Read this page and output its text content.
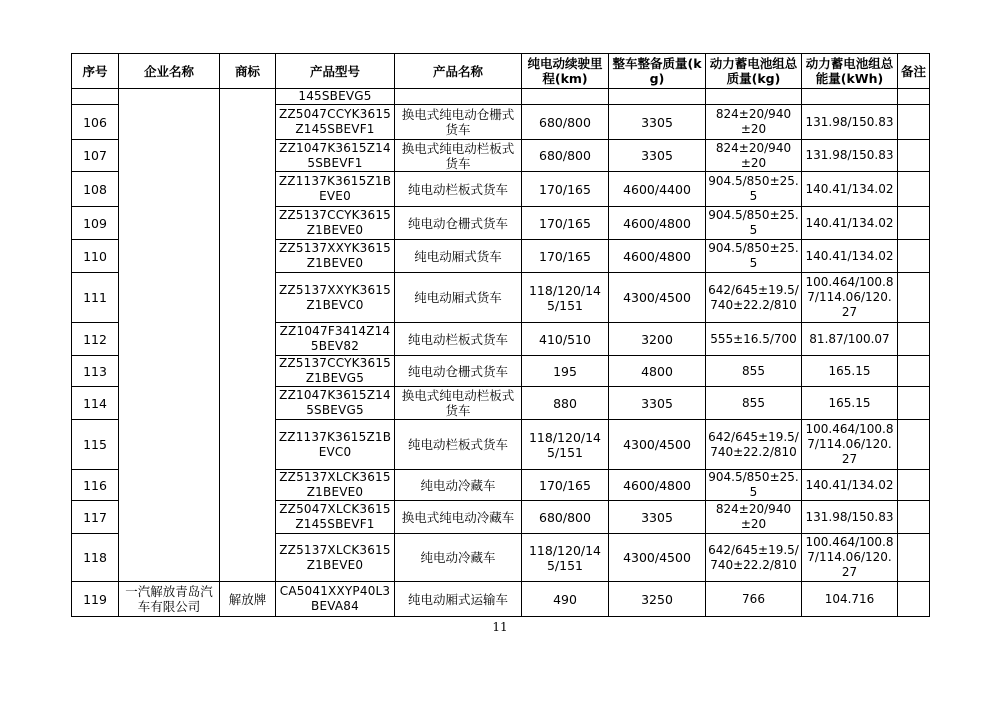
序号	企业名称	商标	产品型号	产品名称	纯电动续驶里程(km)	整车整备质量(kg)	动力蓄电池组总质量(kg)	动力蓄电池组总能量(kWh)	备注
			145SBEVG5						
106			ZZ5047CCYK3615Z145SBEVF1	换电式纯电动仓栅式货车	680/800	3305	824±20/940±20	131.98/150.83	
107			ZZ1047K3615Z145SBEVF1	换电式纯电动栏板式货车	680/800	3305	824±20/940±20	131.98/150.83	
108			ZZ1137K3615Z1BEVE0	纯电动栏板式货车	170/165	4600/4400	904.5/850±25.5	140.41/134.02	
109			ZZ5137CCYK3615Z1BEVE0	纯电动仓栅式货车	170/165	4600/4800	904.5/850±25.5	140.41/134.02	
110			ZZ5137XXYK3615Z1BEVE0	纯电动厢式货车	170/165	4600/4800	904.5/850±25.5	140.41/134.02	
111			ZZ5137XXYK3615Z1BEVC0	纯电动厢式货车	118/120/145/151	4300/4500	642/645±19.5/740±22.2/810	100.464/100.87/114.06/120.27	
112			ZZ1047F3414Z145BEV82	纯电动栏板式货车	410/510	3200	555±16.5/700	81.87/100.07	
113			ZZ5137CCYK3615Z1BEVG5	纯电动仓栅式货车	195	4800	855	165.15	
114			ZZ1047K3615Z145SBEVG5	换电式纯电动栏板式货车	880	3305	855	165.15	
115			ZZ1137K3615Z1BEVC0	纯电动栏板式货车	118/120/145/151	4300/4500	642/645±19.5/740±22.2/810	100.464/100.87/114.06/120.27	
116			ZZ5137XLCK3615Z1BEVE0	纯电动冷藏车	170/165	4600/4800	904.5/850±25.5	140.41/134.02	
117			ZZ5047XLCK3615Z145SBEVF1	换电式纯电动冷藏车	680/800	3305	824±20/940±20	131.98/150.83	
118			ZZ5137XLCK3615Z1BEVE0	纯电动冷藏车	118/120/145/151	4300/4500	642/645±19.5/740±22.2/810	100.464/100.87/114.06/120.27	
119	一汽解放青岛汽车有限公司	解放牌	CA5041XXYP40L3BEVA84	纯电动厢式运输车	490	3250	766	104.716	
11
